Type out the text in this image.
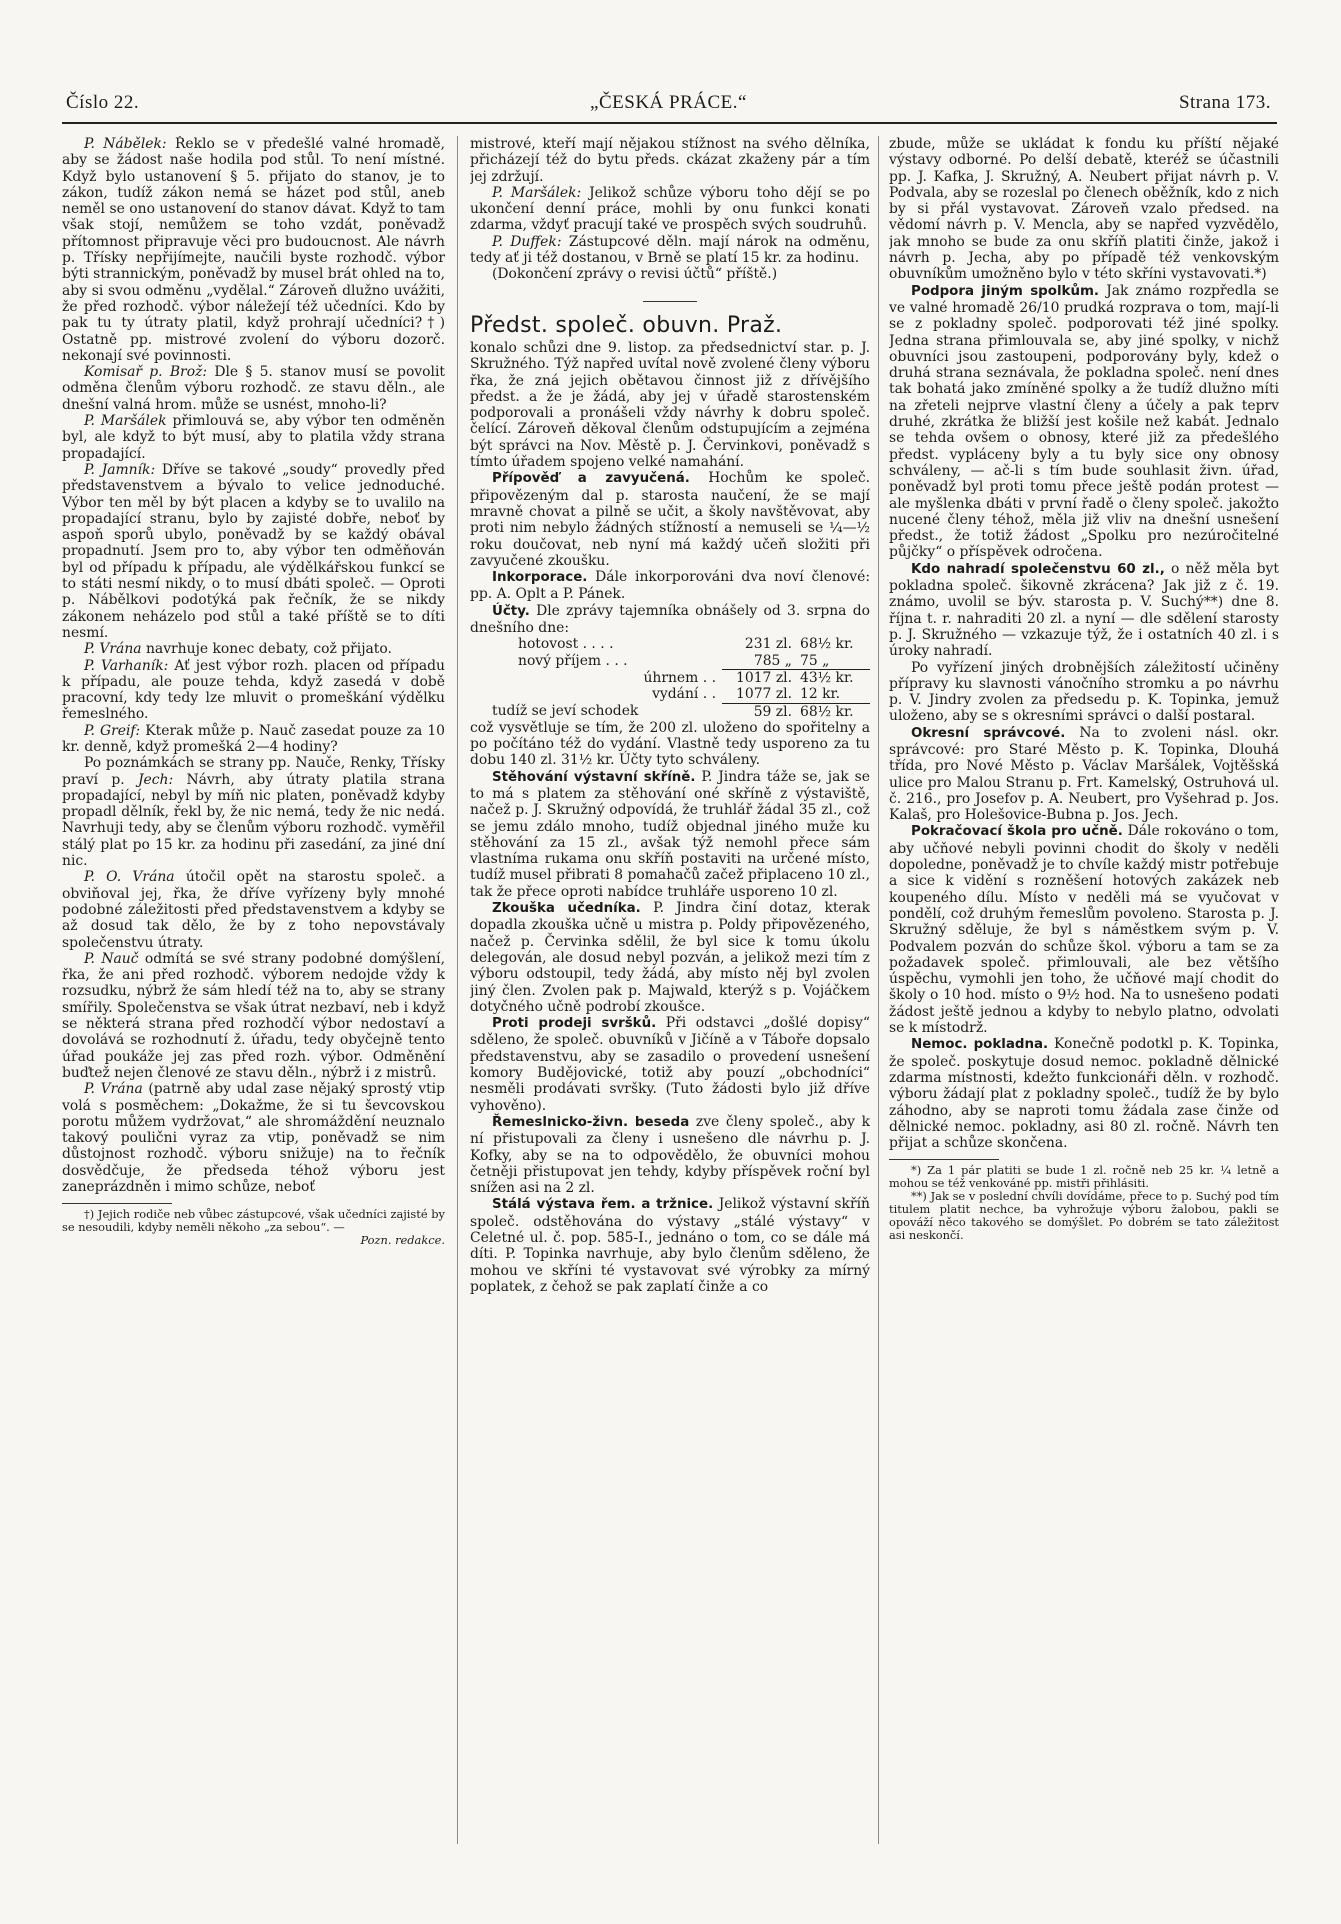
Číslo 22.	„ČESKÁ PRÁCE.“	Strana 173.

P. Nábělek: Řeklo se v předešlé valné hromadě, aby se žádost naše hodila pod stůl. To není místné. Když bylo ustanovení § 5. přijato do stanov, je to zákon, tudíž zákon nemá se házet pod stůl, aneb neměl se ono ustanovení do stanov dávat. Když to tam však stojí, nemůžem se toho vzdát, poněvadž přítomnost připravuje věci pro budoucnost. Ale návrh p. Třísky nepřijímejte, naučili byste rozhodč. výbor býti strannickým, poněvadž by musel brát ohled na to, aby si svou odměnu „vydělal.“ Zároveň dlužno uvážiti, že před rozhodč. výbor náležejí též učedníci. Kdo by pak tu ty útraty platil, když prohrají učedníci?†) Ostatně pp. mistrové zvolení do výboru dozorč. nekonají své povinnosti.

Komisař p. Brož: Dle § 5. stanov musí se povolit odměna členům výboru rozhodč. ze stavu děln., ale dnešní valná hrom. může se usnést, mnoho-li?

P. Maršálek přimlouvá se, aby výbor ten odměněn byl, ale když to být musí, aby to platila vždy strana propadající.

P. Jamník: Dříve se takové „soudy“ provedly před představenstvem a bývalo to velice jednoduché. Výbor ten měl by být placen a kdyby se to uvalilo na propadající stranu, bylo by zajisté dobře, neboť by aspoň sporů ubylo, poněvadž by se každý obával propadnutí. Jsem pro to, aby výbor ten odměňován byl od případu k případu, ale výdělkářskou funkcí se to státi nesmí nikdy, o to musí dbáti společ. — Oproti p. Nábělkovi podotýká pak řečník, že se nikdy zákonem neházelo pod stůl a také příště se to díti nesmí.

P. Vrána navrhuje konec debaty, což přijato.

P. Varhaník: Ať jest výbor rozh. placen od případu k případu, ale pouze tehda, když zasedá v době pracovní, kdy tedy lze mluvit o promeškání výdělku řemeslného.

P. Greif: Kterak může p. Nauč zasedat pouze za 10 kr. denně, když promešká 2—4 hodiny?

Po poznámkách se strany pp. Nauče, Renky, Třísky praví p. Jech: Návrh, aby útraty platila strana propadající, nebyl by míň nic platen, poněvadž kdyby propadl dělník, řekl by, že nic nemá, tedy že nic nedá. Navrhuji tedy, aby se členům výboru rozhodč. vyměřil stálý plat po 15 kr. za hodinu při zasedání, za jiné dní nic.

P. O. Vrána útočil opět na starostu společ. a obviňoval jej, řka, že dříve vyřízeny byly mnohé podobné záležitosti před představenstvem a kdyby se až dosud tak dělo, že by z toho nepovstávaly společenstvu útraty.

P. Nauč odmítá se své strany podobné domýšlení, řka, že ani před rozhodč. výborem nedojde vždy k rozsudku, nýbrž že sám hledí též na to, aby se strany smířily. Společenstva se však útrat nezbaví, neb i když se některá strana před rozhodčí výbor nedostaví a dovolává se rozhodnutí ž. úřadu, tedy obyčejně tento úřad poukáže jej zas před rozh. výbor. Odměnění buďtež nejen členové ze stavu děln., nýbrž i z mistrů.

P. Vrána (patrně aby udal zase nějaký sprostý vtip volá s posměchem: „Dokažme, že si tu ševcovskou porotu můžem vydržovat,“ ale shromáždění neuznalo takový poulični vyraz za vtip, poněvadž se nim důstojnost rozhodč. výboru snižuje) na to řečník dosvědčuje, že předseda téhož výboru jest zaneprázdněn i mimo schůze, neboť

†) Jejich rodiče neb vůbec zástupcové, však učedníci zajisté by se nesoudili, kdyby neměli někoho „za sebou“. —

Pozn. redakce.

mistrové, kteří mají nějakou stížnost na svého dělníka, přicházejí též do bytu předs. ckázat zkaženy pár a tím jej zdržují.

P. Maršálek: Jelikož schůze výboru toho dějí se po ukončení denní práce, mohli by onu funkci konati zdarma, vždyť pracují také ve prospěch svých soudruhů.

P. Duffek: Zástupcové děln. mají nárok na odměnu, tedy ať ji též dostanou, v Brně se platí 15 kr. za hodinu.

(Dokončení zprávy o revisi účtů“ příště.)

Předst. společ. obuvn. Praž.

konalo schůzi dne 9. listop. za předsednictví star. p. J. Skružného. Týž napřed uvítal nově zvolené členy výboru řka, že zná jejich obětavou činnost již z dřívějšího předst. a že je žádá, aby jej v úřadě starostenském podporovali a pronášeli vždy návrhy k dobru společ. čelící. Zároveň děkoval členům odstupujícím a zejména být správci na Nov. Městě p. J. Červinkovi, poněvadž s tímto úřadem spojeno velké namahání.

Přípověď a zavyučená. Hochům ke společ. připovězeným dal p. starosta naučení, že se mají mravně chovat a pilně se učit, a školy navštěvovat, aby proti nim nebylo žádných stížností a nemuseli se ¼—½ roku doučovat, neb nyní má každý učeň složiti při zavyučené zkoušku.

Inkorporace. Dále inkorporováni dva noví členové: pp. A. Oplt a P. Pánek.

Účty. Dle zprávy tajemníka obnášely od 3. srpna do dnešního dne:

hotovost . . . .	231 zl.	68½ kr.
nový příjem . . .	785 „	75 „
úhrnem . .	1017 zl.	43½ kr.
vydání . .	1077 zl.	12 kr.
tudíž se jeví schodek	59 zl.	68½ kr.

což vysvětluje se tím, že 200 zl. uloženo do spořitelny a po počítáno též do vydání. Vlastně tedy usporeno za tu dobu 140 zl. 31½ kr. Účty tyto schváleny.

Stěhování výstavní skříně. P. Jindra táže se, jak se to má s platem za stěhování oné skříně z výstaviště, načež p. J. Skružný odpovídá, že truhlář žádal 35 zl., což se jemu zdálo mnoho, tudíž objednal jiného muže ku stěhování za 15 zl., avšak týž nemohl přece sám vlastníma rukama onu skříň postaviti na určené místo, tudíž musel přibrati 8 pomahačů začež připlaceno 10 zl., tak že přece oproti nabídce truhláře usporeno 10 zl.

Zkouška učedníka. P. Jindra činí dotaz, kterak dopadla zkouška učně u mistra p. Poldy připovězeného, načež p. Červinka sdělil, že byl sice k tomu úkolu delegován, ale dosud nebyl pozván, a jelikož mezi tím z výboru odstoupil, tedy žádá, aby místo něj byl zvolen jiný člen. Zvolen pak p. Majwald, kterýž s p. Vojáčkem dotyčného učně podrobí zkoušce.

Proti prodeji svršků. Při odstavci „došlé dopisy“ sděleno, že společ. obuvníků v Jičíně a v Táboře dopsalo představenstvu, aby se zasadilo o provedení usnešení komory Budějovické, totiž aby pouzí „obchodníci“ nesměli prodávati svršky. (Tuto žádosti bylo již dříve vyhověno).

Řemeslnicko-živn. beseda zve členy společ., aby k ní přistupovali za členy i usnešeno dle návrhu p. J. Kofky, aby se na to odpovědělo, že obuvníci mohou četněji přistupovat jen tehdy, kdyby příspěvek roční byl snížen asi na 2 zl.

Stálá výstava řem. a tržnice. Jelikož výstavní skříň společ. odstěhována do výstavy „stálé výstavy“ v Celetné ul. č. pop. 585-I., jednáno o tom, co se dále má díti. P. Topinka navrhuje, aby bylo členům sděleno, že mohou ve skříni té vystavovat své výrobky za mírný poplatek, z čehož se pak zaplatí činže a co

zbude, může se ukládat k fondu ku příští nějaké výstavy odborné. Po delší debatě, kteréž se účastnili pp. J. Kafka, J. Skružný, A. Neubert přijat návrh p. V. Podvala, aby se rozeslal po členech oběžník, kdo z nich by si přál vystavovat. Zároveň vzalo předsed. na vědomí návrh p. V. Mencla, aby se napřed vyzvědělo, jak mnoho se bude za onu skříň platiti činže, jakož i návrh p. Jecha, aby po případě též venkovským obuvníkům umožněno bylo v této skříni vystavovati.*)

Podpora jiným spolkům. Jak známo rozpředla se ve valné hromadě 26/10 prudká rozprava o tom, mají-li se z pokladny společ. podporovati též jiné spolky. Jedna strana přimlouvala se, aby jiné spolky, v nichž obuvníci jsou zastoupeni, podporovány byly, kdež o druhá strana seznávala, že pokladna společ. není dnes tak bohatá jako zmíněné spolky a že tudíž dlužno míti na zřeteli nejprve vlastní členy a účely a pak teprv druhé, zkrátka že bližší jest košile než kabát. Jednalo se tehda ovšem o obnosy, které již za předešlého předst. vypláceny byly a tu byly sice ony obnosy schváleny, — ač-li s tím bude souhlasit živn. úřad, poněvadž byl proti tomu přece ještě podán protest — ale myšlenka dbáti v první řadě o členy společ. jakožto nucené členy téhož, měla již vliv na dnešní usnešení předst., že totiž žádost „Spolku pro nezúročitelné půjčky“ o příspěvek odročena.

Kdo nahradí společenstvu 60 zl., o něž měla byt pokladna společ. šikovně zkrácena? Jak již z č. 19. známo, uvolil se býv. starosta p. V. Suchý**) dne 8. října t. r. nahraditi 20 zl. a nyní — dle sdělení starosty p. J. Skružného — vzkazuje týž, že i ostatních 40 zl. i s úroky nahradí.

Po vyřízení jiných drobnějších záležitostí učiněny přípravy ku slavnosti vánočního stromku a po návrhu p. V. Jindry zvolen za předsedu p. K. Topinka, jemuž uloženo, aby se s okresními správci o další postaral.

Okresní správcové. Na to zvoleni násl. okr. správcové: pro Staré Město p. K. Topinka, Dlouhá třída, pro Nové Město p. Václav Maršálek, Vojtěšská ulice pro Malou Stranu p. Frt. Kamelský, Ostruhová ul. č. 216., pro Josefov p. A. Neubert, pro Vyšehrad p. Jos. Kalaš, pro Holešovice-Bubna p. Jos. Jech.

Pokračovací škola pro učně. Dále rokováno o tom, aby učňové nebyli povinni chodit do školy v neděli dopoledne, poněvadž je to chvíle každý mistr potřebuje a sice k vidění s rozněšení hotových zakázek neb koupeného dílu. Místo v neděli má se vyučovat v pondělí, což druhým řemeslům povoleno. Starosta p. J. Skružný sděluje, že byl s náměstkem svým p. V. Podvalem pozván do schůze škol. výboru a tam se za požadavek společ. přimlouvali, ale bez většího úspěchu, vymohli jen toho, že učňové mají chodit do školy o 10 hod. místo o 9½ hod. Na to usnešeno podati žádost ještě jednou a kdyby to nebylo platno, odvolati se k místodrž.

Nemoc. pokladna. Konečně podotkl p. K. Topinka, že společ. poskytuje dosud nemoc. pokladně dělnické zdarma místnosti, kdežto funkcionáři děln. v rozhodč. výboru žádají plat z pokladny společ., tudíž že by bylo záhodno, aby se naproti tomu žádala zase činže od dělnické nemoc. pokladny, asi 80 zl. ročně. Návrh ten přijat a schůze skončena.

*) Za 1 pár platiti se bude 1 zl. ročně neb 25 kr. ¼ letně a mohou se též venkováné pp. mistři přihlásiti.

**) Jak se v poslední chvíli dovídáme, přece to p. Suchý pod tím titulem platit nechce, ba vyhrožuje výboru žalobou, pakli se opováží něco takového se domýšlet. Po dobrém se tato záležitost asi neskončí.
